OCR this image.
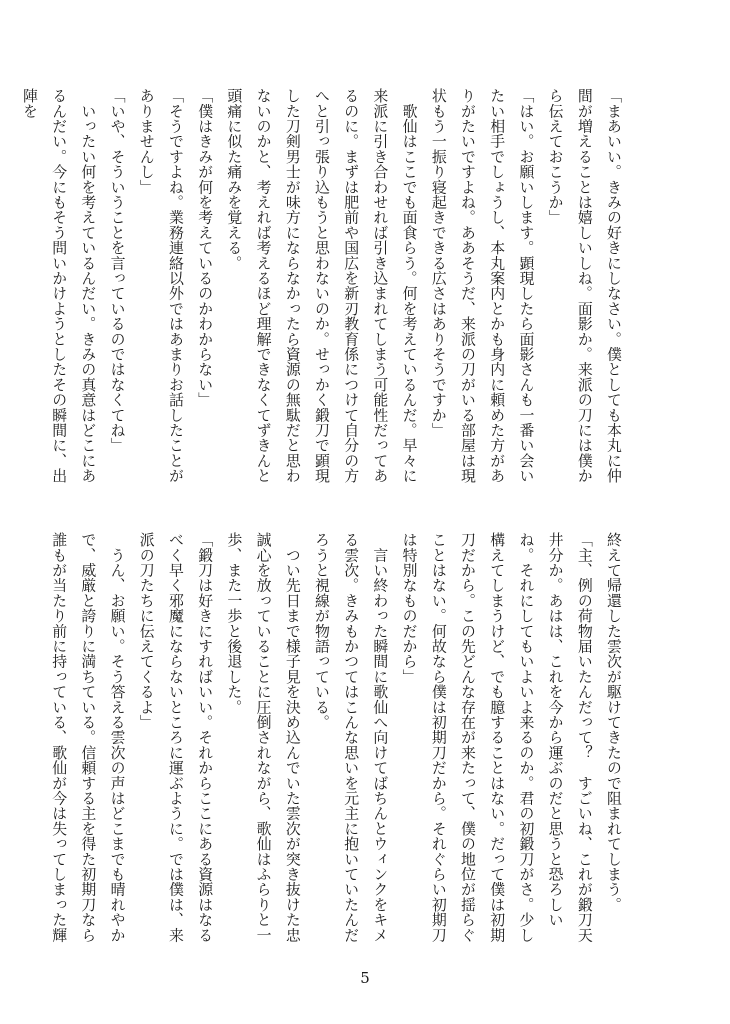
「まあいい。きみの好きにしなさい。僕としても本丸に仲間が増えることは嬉しいしね。面影か。来派の刀には僕から伝えておこうか」

「はい。お願いします。顕現したら面影さんも一番い会いたい相手でしょうし、本丸案内とかも身内に頼めた方がありがたいですよね。ああそうだ、来派の刀がいる部屋は現状もう一振り寝起きできる広さはありそうですか」

　歌仙はここでも面食らう。何を考えているんだ。早々に来派に引き合わせれば引き込まれてしまう可能性だってあるのに。まずは肥前や国広を新刃教育係につけて自分の方へと引っ張り込もうと思わないのか。せっかく鍛刀で顕現した刀剣男士が味方にならなかったら資源の無駄だと思わないのかと、考えれば考えるほど理解できなくてずきんと頭痛に似た痛みを覚える。

「僕はきみが何を考えているのかわからない」

「そうですよね。業務連絡以外ではあまりお話したことがありませんし」

「いや、そういうことを言っているのではなくてね」

　いったい何を考えているんだい。きみの真意はどこにあるんだい。今にもそう問いかけようとしたその瞬間に、出陣を

終えて帰還した雲次が駆けてきたので阻まれてしまう。

「主、例の荷物届いたんだって？　すごいね、これが鍛刀天井分か。あはは、これを今から運ぶのだと思うと恐ろしいね。それにしてもいよいよ来るのか。君の初鍛刀がさ。少し構えてしまうけど、でも臆することはない。だって僕は初期刀だから。この先どんな存在が来たって、僕の地位が揺らぐことはない。何故なら僕は初期刀だから。それぐらい初期刀は特別なものだから」

　言い終わった瞬間に歌仙へ向けてばちんとウィンクをキメる雲次。きみもかつてはこんな思いを元主に抱いていたんだろうと視線が物語っている。

　つい先日まで様子見を決め込んでいた雲次が突き抜けた忠誠心を放っていることに圧倒されながら、歌仙はふらりと一歩、また一歩と後退した。

「鍛刀は好きにすればいい。それからここにある資源はなるべく早く邪魔にならないところに運ぶように。では僕は、来派の刀たちに伝えてくるよ」

　うん、お願い。そう答える雲次の声はどこまでも晴れやかで、威厳と誇りに満ちている。信頼する主を得た初期刀なら誰もが当たり前に持っている、歌仙が今は失ってしまった輝

5
